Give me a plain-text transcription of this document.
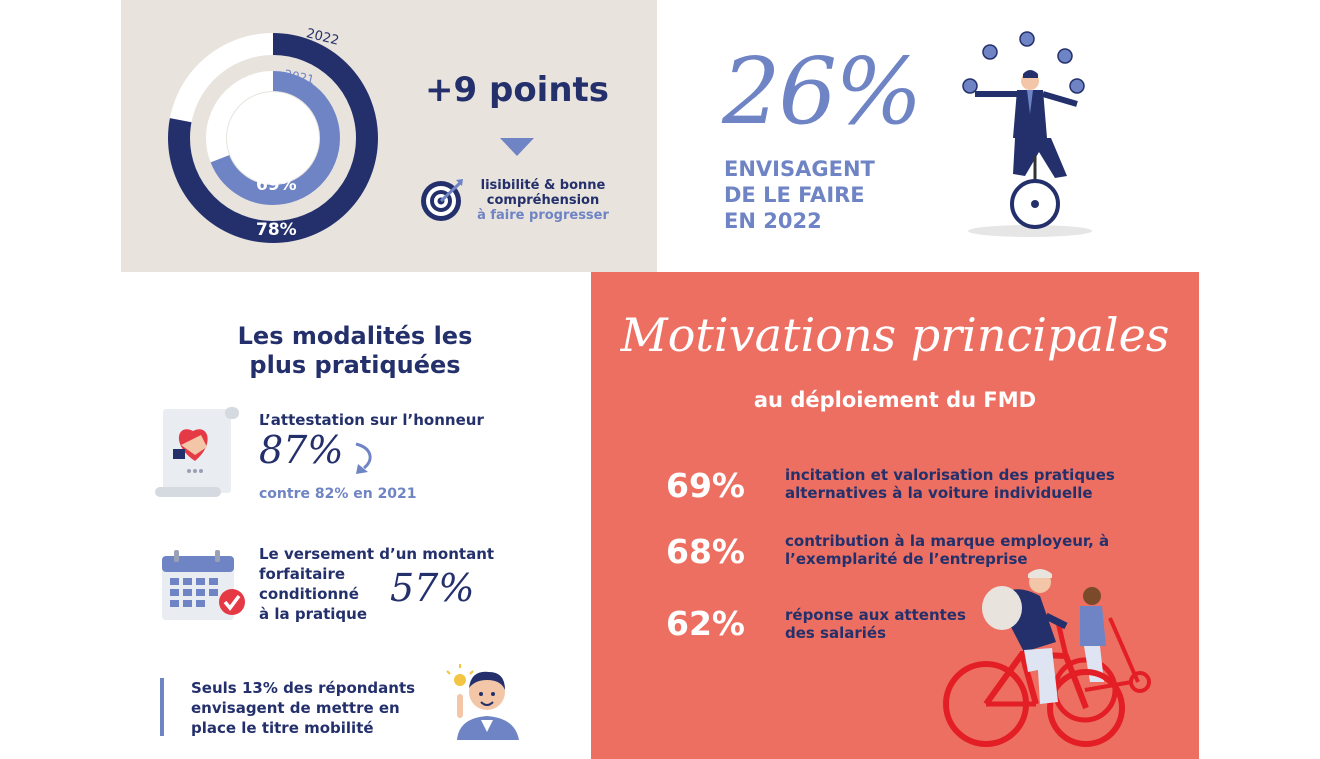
2022
2021
69%
78%
+9 points
lisibilité & bonne
compréhension
à faire progresser
26%
ENVISAGENT
DE LE FAIRE
EN 2022
Les modalités les plus pratiquées
L’attestation sur l’honneur
87%
contre 82% en 2021
Le versement d’un montant
forfaitaire
conditionné
à la pratique
57%
Seuls 13% des répondants
envisagent de mettre en
place le titre mobilité
Motivations principales
au déploiement du FMD
69%	incitation et valorisation des pratiques
alternatives à la voiture individuelle
68%	contribution à la marque employeur, à
l’exemplarité de l’entreprise
62%	réponse aux attentes
des salariés
